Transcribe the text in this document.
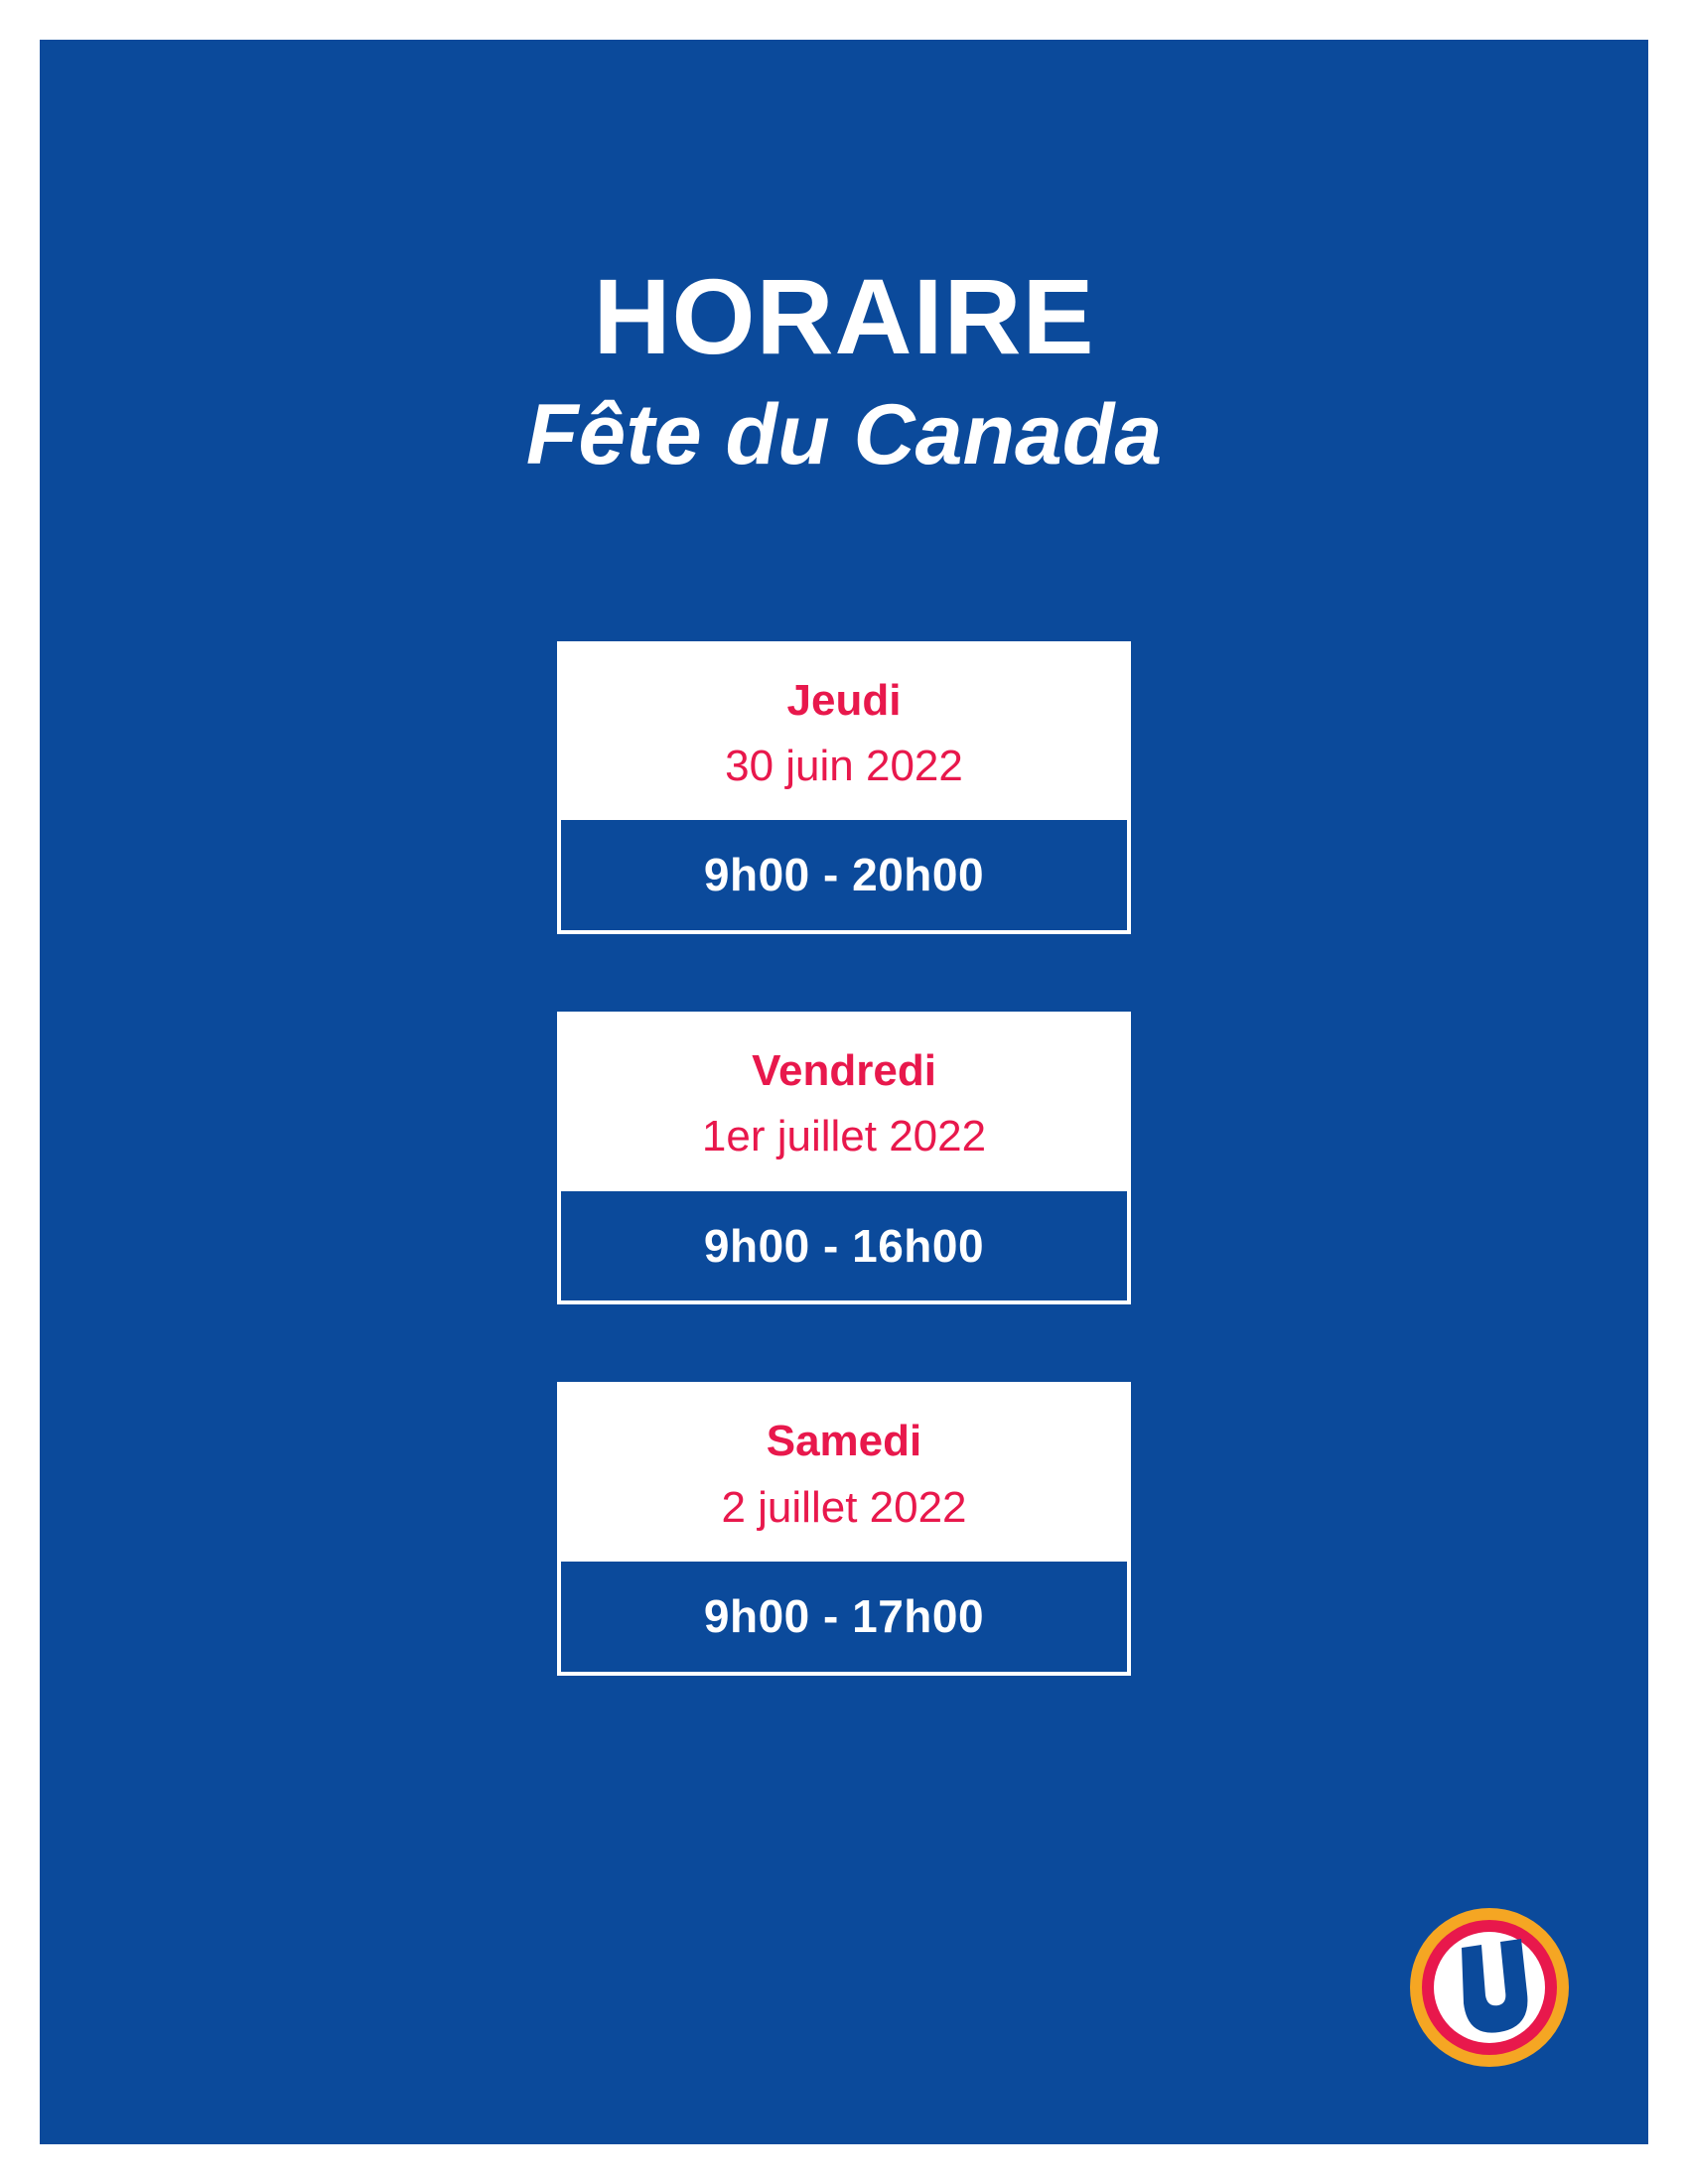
HORAIRE
Fête du Canada
Jeudi
30 juin 2022
9h00 - 20h00
Vendredi
1er juillet 2022
9h00 - 16h00
Samedi
2 juillet 2022
9h00 - 17h00
